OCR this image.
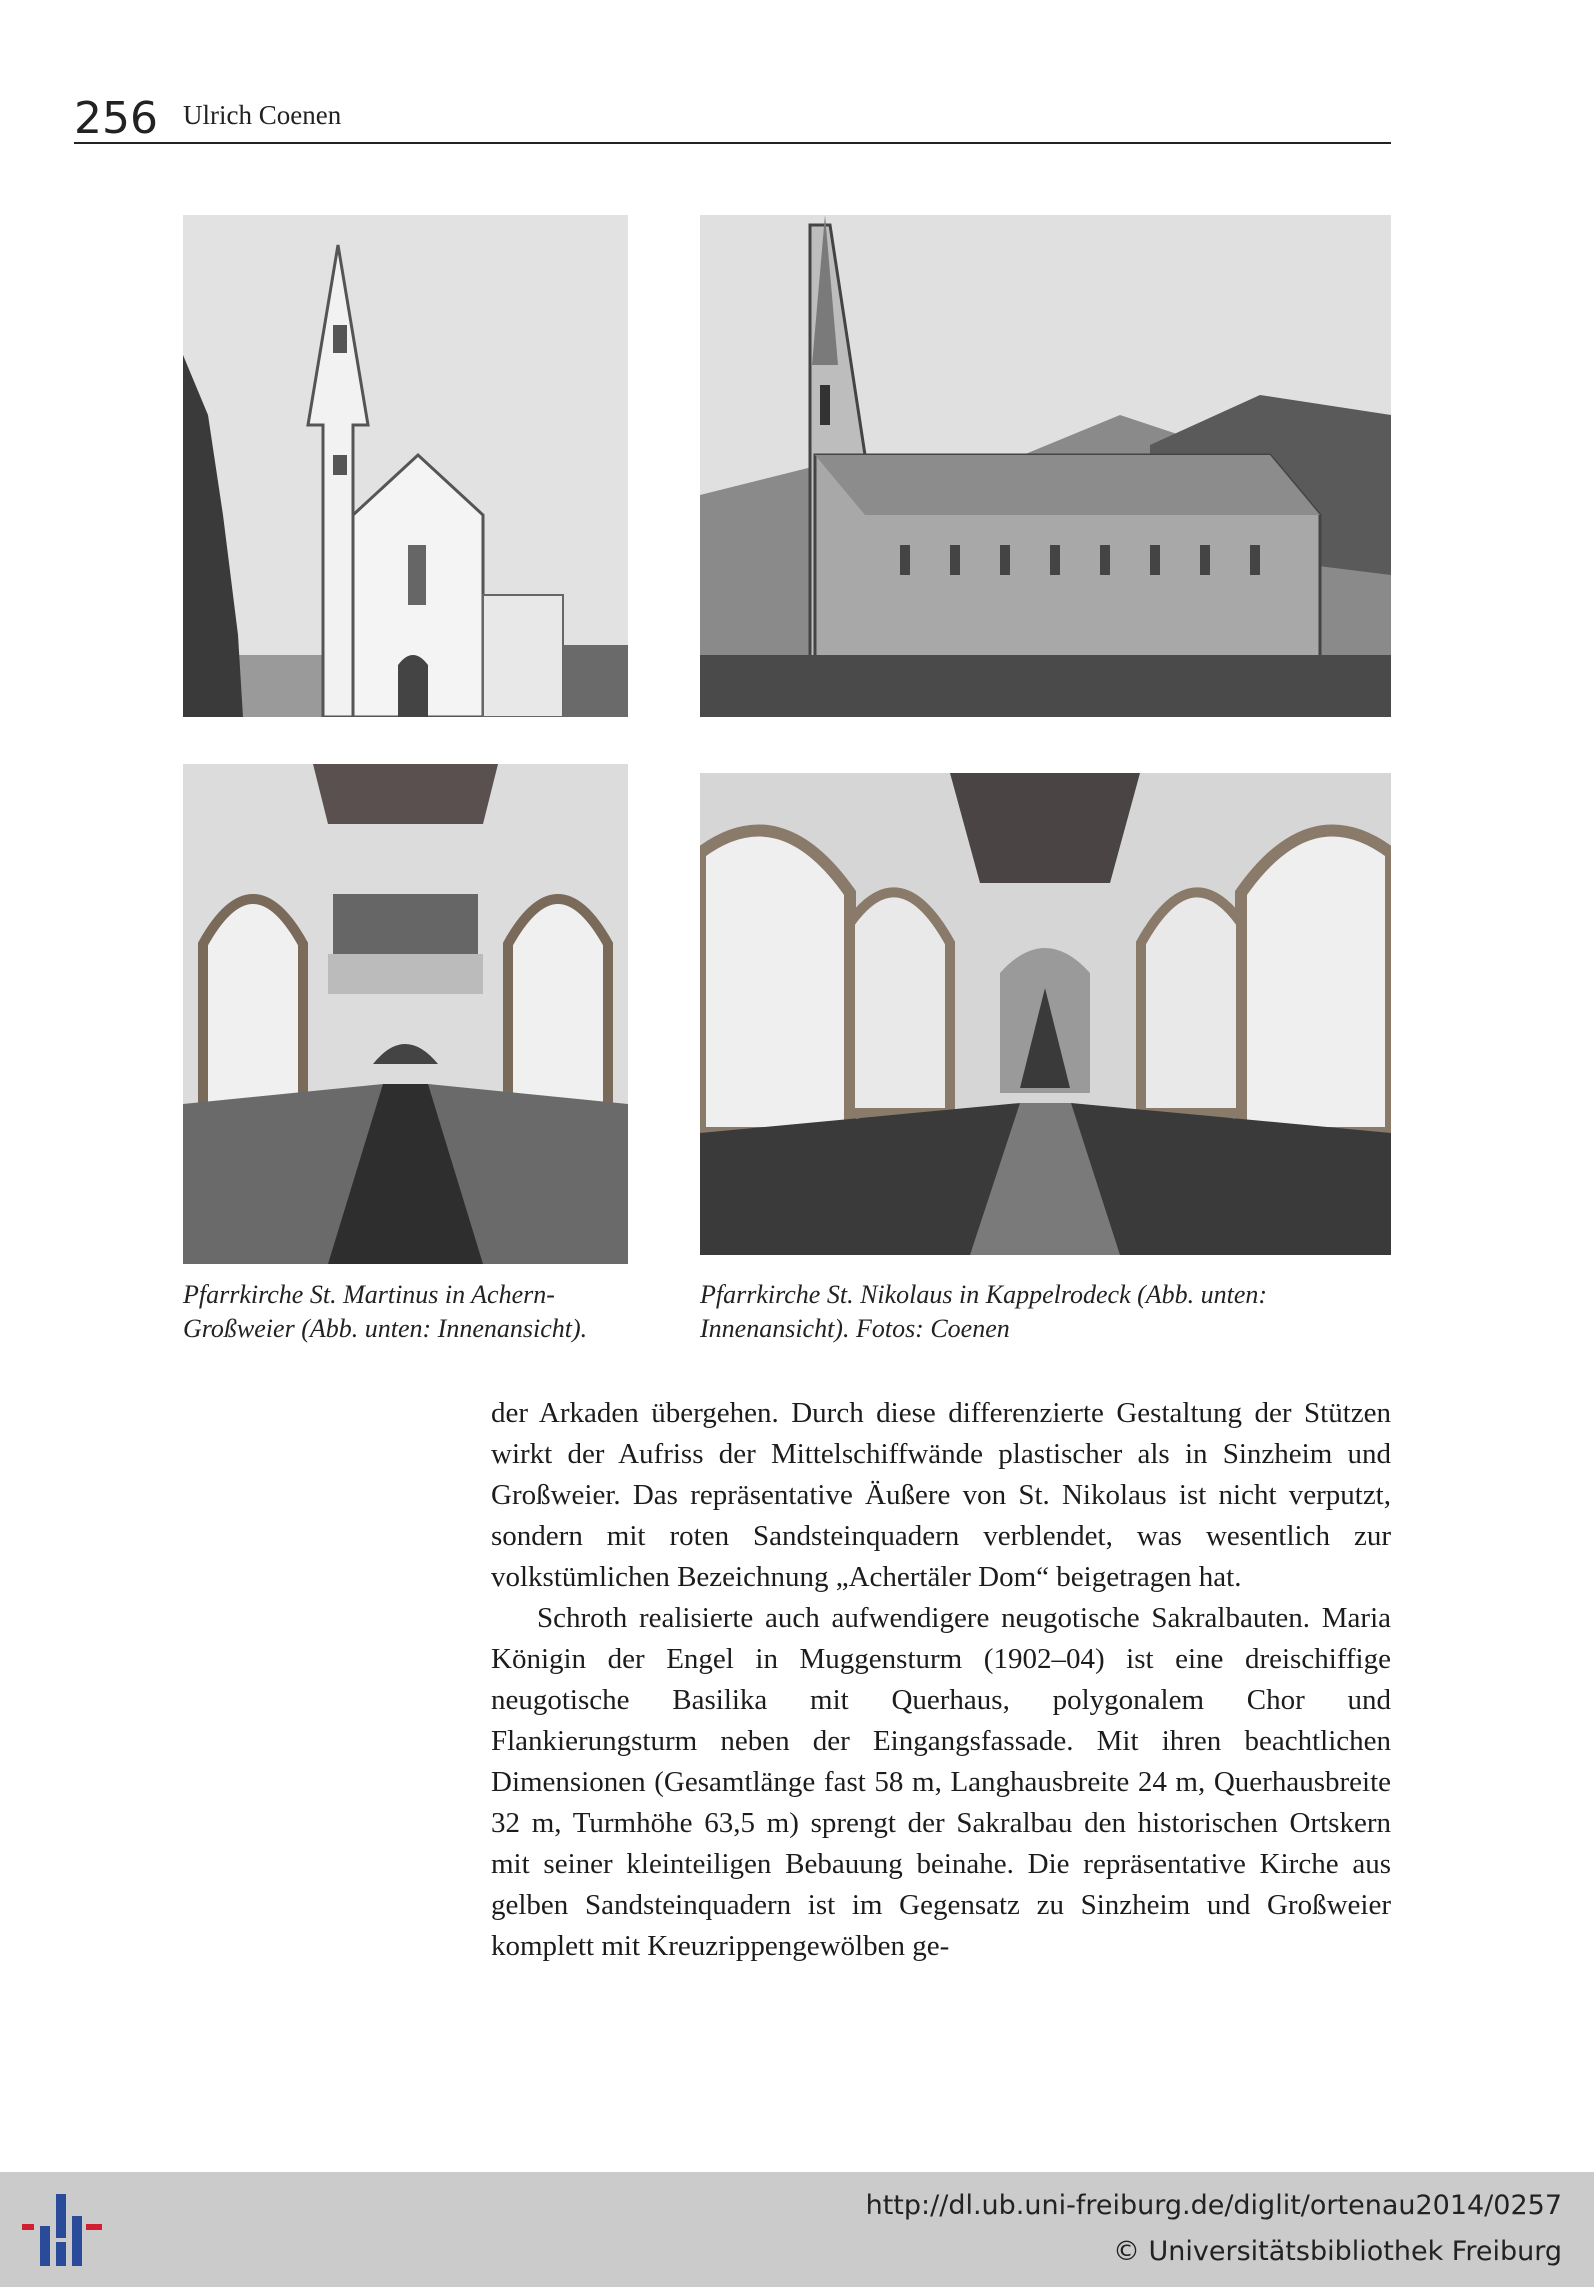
256 Ulrich Coenen
Pfarrkirche St. Martinus in Achern-Großweier (Abb. unten: Innenansicht).
Pfarrkirche St. Nikolaus in Kappelrodeck (Abb. unten: Innenansicht). Fotos: Coenen

der Arkaden übergehen. Durch diese differenzierte Gestaltung der Stützen wirkt der Aufriss der Mittelschiffwände plastischer als in Sinzheim und Großweier. Das repräsentative Äußere von St. Nikolaus ist nicht verputzt, sondern mit roten Sandsteinquadern verblendet, was wesentlich zur volkstümlichen Bezeichnung „Achertäler Dom“ beigetragen hat.

Schroth realisierte auch aufwendigere neugotische Sakralbauten. Maria Königin der Engel in Muggensturm (1902–04) ist eine dreischiffige neugotische Basilika mit Querhaus, polygonalem Chor und Flankierungsturm neben der Eingangsfassade. Mit ihren beachtlichen Dimensionen (Gesamtlänge fast 58 m, Langhausbreite 24 m, Querhausbreite 32 m, Turmhöhe 63,5 m) sprengt der Sakralbau den historischen Ortskern mit seiner kleinteiligen Bebauung beinahe. Die repräsentative Kirche aus gelben Sandsteinquadern ist im Gegensatz zu Sinzheim und Großweier komplett mit Kreuzrippengewölben ge-

http://dl.ub.uni-freiburg.de/diglit/ortenau2014/0257
© Universitätsbibliothek Freiburg
